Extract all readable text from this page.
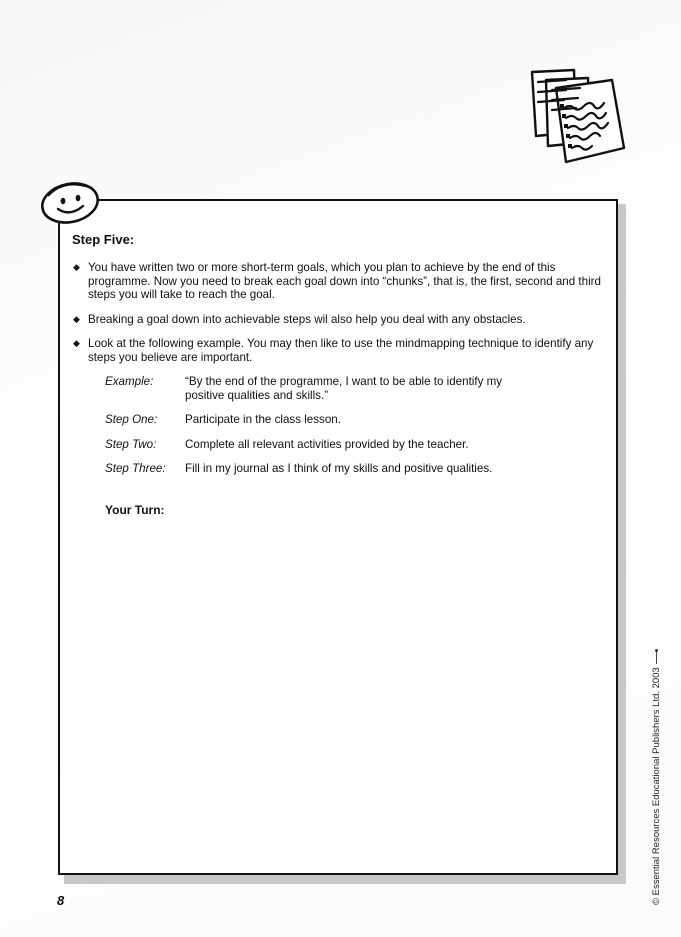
Step Five:
◆ You have written two or more short-term goals, which you plan to achieve by the end of this programme. Now you need to break each goal down into “chunks”, that is, the first, second and third steps you will take to reach the goal.
◆ Breaking a goal down into achievable steps wil also help you deal with any obstacles.
◆ Look at the following example. You may then like to use the mindmapping technique to identify any steps you believe are important.
Example:	“By the end of the programme, I want to be able to identify my positive qualities and skills.”
Step One:	Participate in the class lesson.
Step Two:	Complete all relevant activities provided by the teacher.
Step Three:	Fill in my journal as I think of my skills and positive qualities.
Your Turn:
8	© Essential Resources Educational Publishers Ltd. 2003
